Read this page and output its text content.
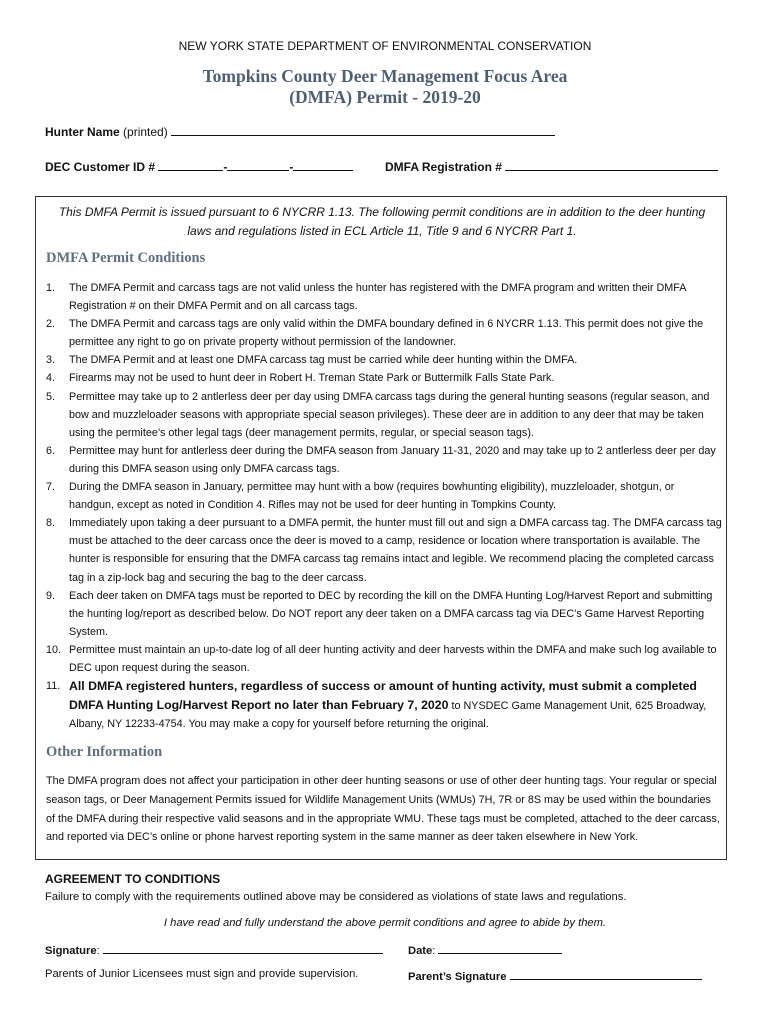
NEW YORK STATE DEPARTMENT OF ENVIRONMENTAL CONSERVATION
Tompkins County Deer Management Focus Area
(DMFA) Permit - 2019-20
Hunter Name (printed)
DEC Customer ID #	-	-	DMFA Registration #
This DMFA Permit is issued pursuant to 6 NYCRR 1.13. The following permit conditions are in addition to the deer hunting laws and regulations listed in ECL Article 11, Title 9 and 6 NYCRR Part 1.
DMFA Permit Conditions
1. The DMFA Permit and carcass tags are not valid unless the hunter has registered with the DMFA program and written their DMFA Registration # on their DMFA Permit and on all carcass tags.
2. The DMFA Permit and carcass tags are only valid within the DMFA boundary defined in 6 NYCRR 1.13. This permit does not give the permittee any right to go on private property without permission of the landowner.
3. The DMFA Permit and at least one DMFA carcass tag must be carried while deer hunting within the DMFA.
4. Firearms may not be used to hunt deer in Robert H. Treman State Park or Buttermilk Falls State Park.
5. Permittee may take up to 2 antlerless deer per day using DMFA carcass tags during the general hunting seasons (regular season, and bow and muzzleloader seasons with appropriate special season privileges). These deer are in addition to any deer that may be taken using the permitee’s other legal tags (deer management permits, regular, or special season tags).
6. Permittee may hunt for antlerless deer during the DMFA season from January 11-31, 2020 and may take up to 2 antlerless deer per day during this DMFA season using only DMFA carcass tags.
7. During the DMFA season in January, permittee may hunt with a bow (requires bowhunting eligibility), muzzleloader, shotgun, or handgun, except as noted in Condition 4. Rifles may not be used for deer hunting in Tompkins County.
8. Immediately upon taking a deer pursuant to a DMFA permit, the hunter must fill out and sign a DMFA carcass tag. The DMFA carcass tag must be attached to the deer carcass once the deer is moved to a camp, residence or location where transportation is available. The hunter is responsible for ensuring that the DMFA carcass tag remains intact and legible. We recommend placing the completed carcass tag in a zip-lock bag and securing the bag to the deer carcass.
9. Each deer taken on DMFA tags must be reported to DEC by recording the kill on the DMFA Hunting Log/Harvest Report and submitting the hunting log/report as described below. Do NOT report any deer taken on a DMFA carcass tag via DEC’s Game Harvest Reporting System.
10. Permittee must maintain an up-to-date log of all deer hunting activity and deer harvests within the DMFA and make such log available to DEC upon request during the season.
11. All DMFA registered hunters, regardless of success or amount of hunting activity, must submit a completed DMFA Hunting Log/Harvest Report no later than February 7, 2020 to NYSDEC Game Management Unit, 625 Broadway, Albany, NY 12233-4754. You may make a copy for yourself before returning the original.
Other Information
The DMFA program does not affect your participation in other deer hunting seasons or use of other deer hunting tags. Your regular or special season tags, or Deer Management Permits issued for Wildlife Management Units (WMUs) 7H, 7R or 8S may be used within the boundaries of the DMFA during their respective valid seasons and in the appropriate WMU. These tags must be completed, attached to the deer carcass, and reported via DEC’s online or phone harvest reporting system in the same manner as deer taken elsewhere in New York.
AGREEMENT TO CONDITIONS
Failure to comply with the requirements outlined above may be considered as violations of state laws and regulations.
I have read and fully understand the above permit conditions and agree to abide by them.
Signature:	Date:
Parents of Junior Licensees must sign and provide supervision.	Parent’s Signature
